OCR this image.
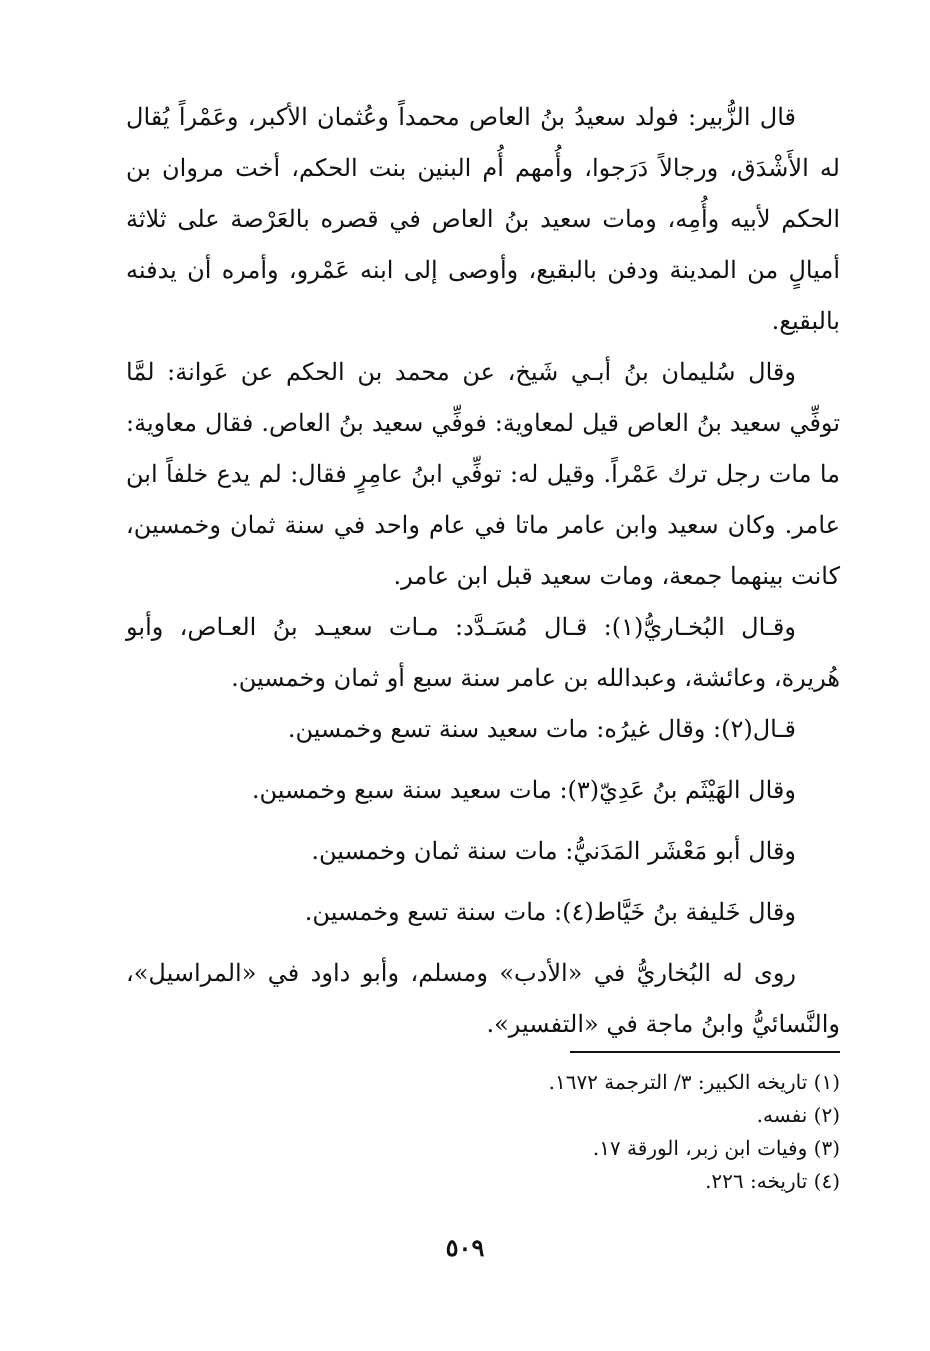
قال الزُّبير: فولد سعيدُ بنُ العاص محمداً وعُثمان الأكبر، وعَمْراً يُقال له الأَشْدَق، ورجالاً دَرَجوا، وأُمهم أُم البنين بنت الحكم، أخت مروان بن الحكم لأبيه وأُمِه، ومات سعيد بنُ العاص في قصره بالعَرْصة على ثلاثة أميالٍ من المدينة ودفن بالبقيع، وأوصى إلى ابنه عَمْرو، وأمره أن يدفنه بالبقيع.

وقال سُليمان بنُ أبـي شَيخ، عن محمد بن الحكم عن عَوانة: لمَّا توفِّي سعيد بنُ العاص قيل لمعاوية: فوفِّي سعيد بنُ العاص. فقال معاوية: ما مات رجل ترك عَمْراً. وقيل له: توفِّي ابنُ عامِرٍ فقال: لم يدع خلفاً ابن عامر. وكان سعيد وابن عامر ماتا في عام واحد في سنة ثمان وخمسين، كانت بينهما جمعة، ومات سعيد قبل ابن عامر.

وقـال البُخـاريُّ(١): قـال مُسَـدَّد: مـات سعيـد بنُ العـاص، وأبو هُريرة، وعائشة، وعبدالله بن عامر سنة سبع أو ثمان وخمسين.

قـال(٢): وقال غيرُه: مات سعيد سنة تسع وخمسين.

وقال الهَيْثَم بنُ عَدِيّ(٣): مات سعيد سنة سبع وخمسين.

وقال أبو مَعْشَر المَدَنيُّ: مات سنة ثمان وخمسين.

وقال خَليفة بنُ خَيَّاط(٤): مات سنة تسع وخمسين.

روى له البُخاريُّ في «الأدب» ومسلم، وأبو داود في «المراسيل»، والنَّسائيُّ وابنُ ماجة في «التفسير».

(١) تاريخه الكبير: ٣/ الترجمة ١٦٧٢.

(٢) نفسه.

(٣) وفيات ابن زبر، الورقة ١٧.

(٤) تاريخه: ٢٢٦.

٥٠٩
